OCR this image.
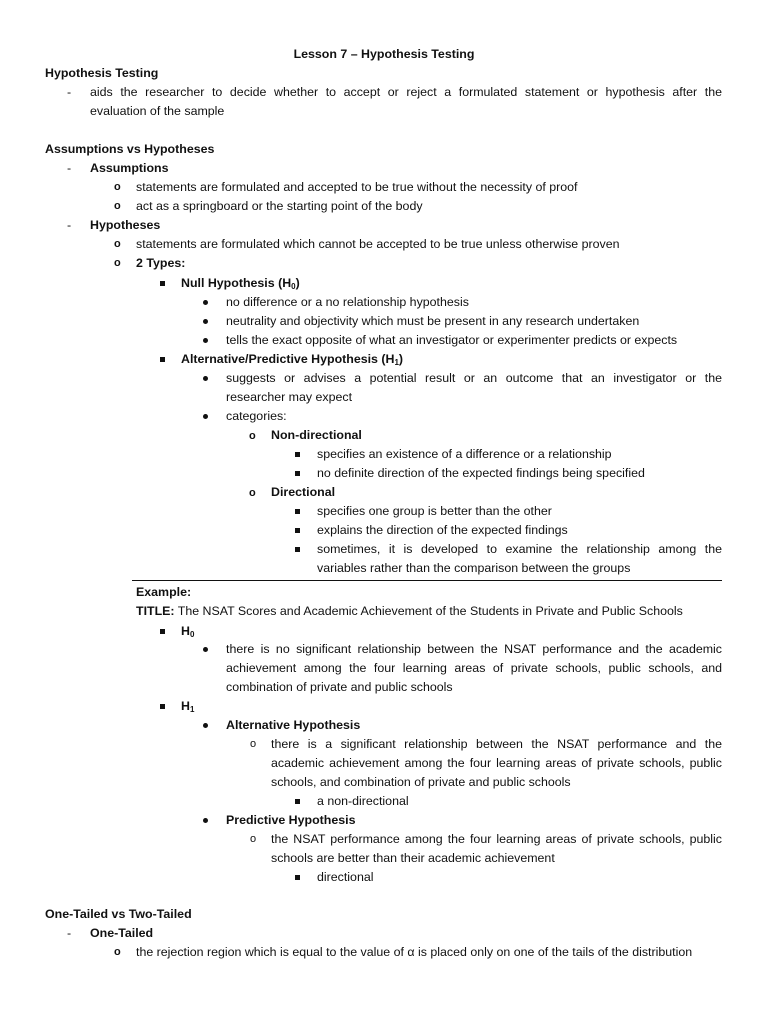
Lesson 7 – Hypothesis Testing
Hypothesis Testing
- aids the researcher to decide whether to accept or reject a formulated statement or hypothesis after the
evaluation of the sample
Assumptions vs Hypotheses
- Assumptions
o statements are formulated and accepted to be true without the necessity of proof
o act as a springboard or the starting point of the body
- Hypotheses
o statements are formulated which cannot be accepted to be true unless otherwise proven
o 2 Types:
Null Hypothesis $(H_0)$
no difference or a no relationship hypothesis
neutrality and objectivity which must be present in any research undertaken
tells the exact opposite of what an investigator or experimenter predicts or expects
Alternative/Predictive Hypothesis $(H_1)$
suggests or advises a potential result or an outcome that an investigator or the
researcher may expect
categories:
o Non-directional
specifies an existence of a difference or a relationship
no definite direction of the expected findings being specified
o Directional
specifies one group is better than the other
explains the direction of the expected findings
sometimes, it is developed to examine the relationship among the
variables rather than the comparison between the groups
Example:
TITLE: The NSAT Scores and Academic Achievement of the Students in Private and Public Schools
$H_0$
there is no significant relationship between the NSAT performance and the academic
achievement among the four learning areas of private schools, public schools, and
combination of private and public schools
$H_1$
Alternative Hypothesis
o there is a significant relationship between the NSAT performance and the
academic achievement among the four learning areas of private schools, public
schools, and combination of private and public schools
a non-directional
Predictive Hypothesis
o the NSAT performance among the four learning areas of private schools, public
schools are better than their academic achievement
directional
One-Tailed vs Two-Tailed
- One-Tailed
o the rejection region which is equal to the value of α is placed only on one of the tails of the distribution
